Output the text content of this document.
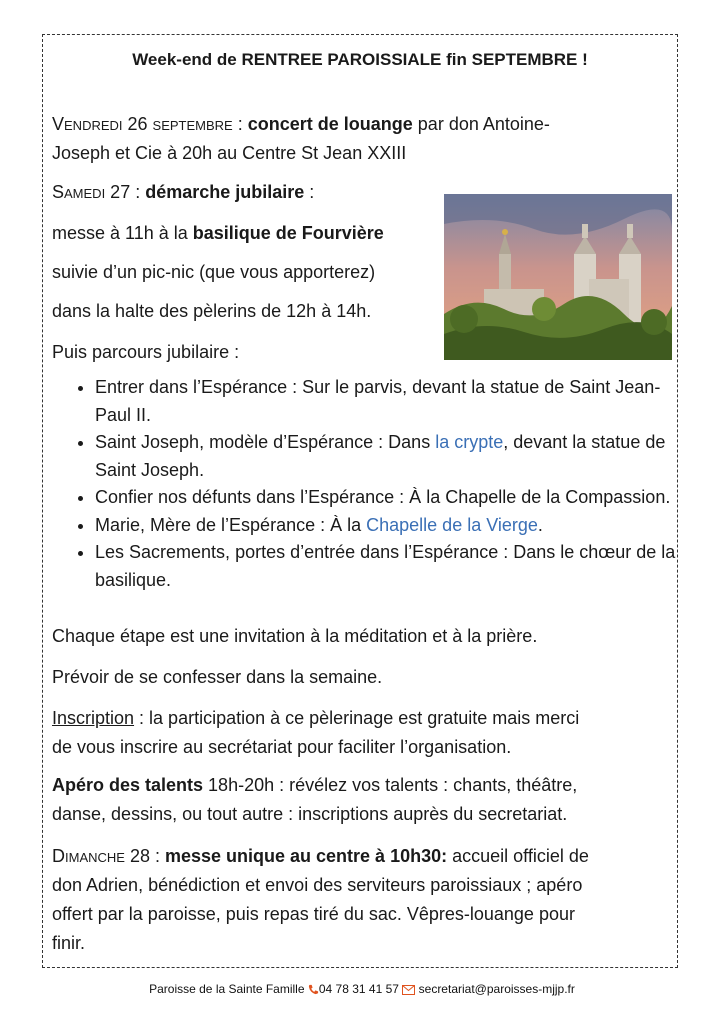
Week-end de RENTREE PAROISSIALE fin SEPTEMBRE !

Vendredi 26 septembre : concert de louange par don Antoine-
Joseph et Cie à 20h au Centre St Jean XXIII

Samedi 27 : démarche jubilaire :

messe à 11h à la basilique de Fourvière

suivie d’un pic-nic (que vous apporterez)

dans la halte des pèlerins de 12h à 14h.

Puis parcours jubilaire :

• Entrer dans l’Espérance : Sur le parvis, devant la statue de Saint Jean-Paul II.
• Saint Joseph, modèle d’Espérance : Dans la crypte, devant la statue de Saint Joseph.
• Confier nos défunts dans l’Espérance : À la Chapelle de la Compassion.
• Marie, Mère de l’Espérance : À la Chapelle de la Vierge.
• Les Sacrements, portes d’entrée dans l’Espérance : Dans le chœur de la basilique.

Chaque étape est une invitation à la méditation et à la prière.

Prévoir de se confesser dans la semaine.

Inscription : la participation à ce pèlerinage est gratuite mais merci
de vous inscrire au secrétariat pour faciliter l’organisation.

Apéro des talents 18h-20h : révélez vos talents : chants, théâtre,
danse, dessins, ou tout autre : inscriptions auprès du secretariat.

Dimanche 28 : messe unique au centre à 10h30: accueil officiel de
don Adrien, bénédiction et envoi des serviteurs paroissiaux ; apéro
offert par la paroisse, puis repas tiré du sac. Vêpres-louange pour
finir.

Paroisse de la Sainte Famille 04 78 31 41 57 secretariat@paroisses-mjjp.fr
